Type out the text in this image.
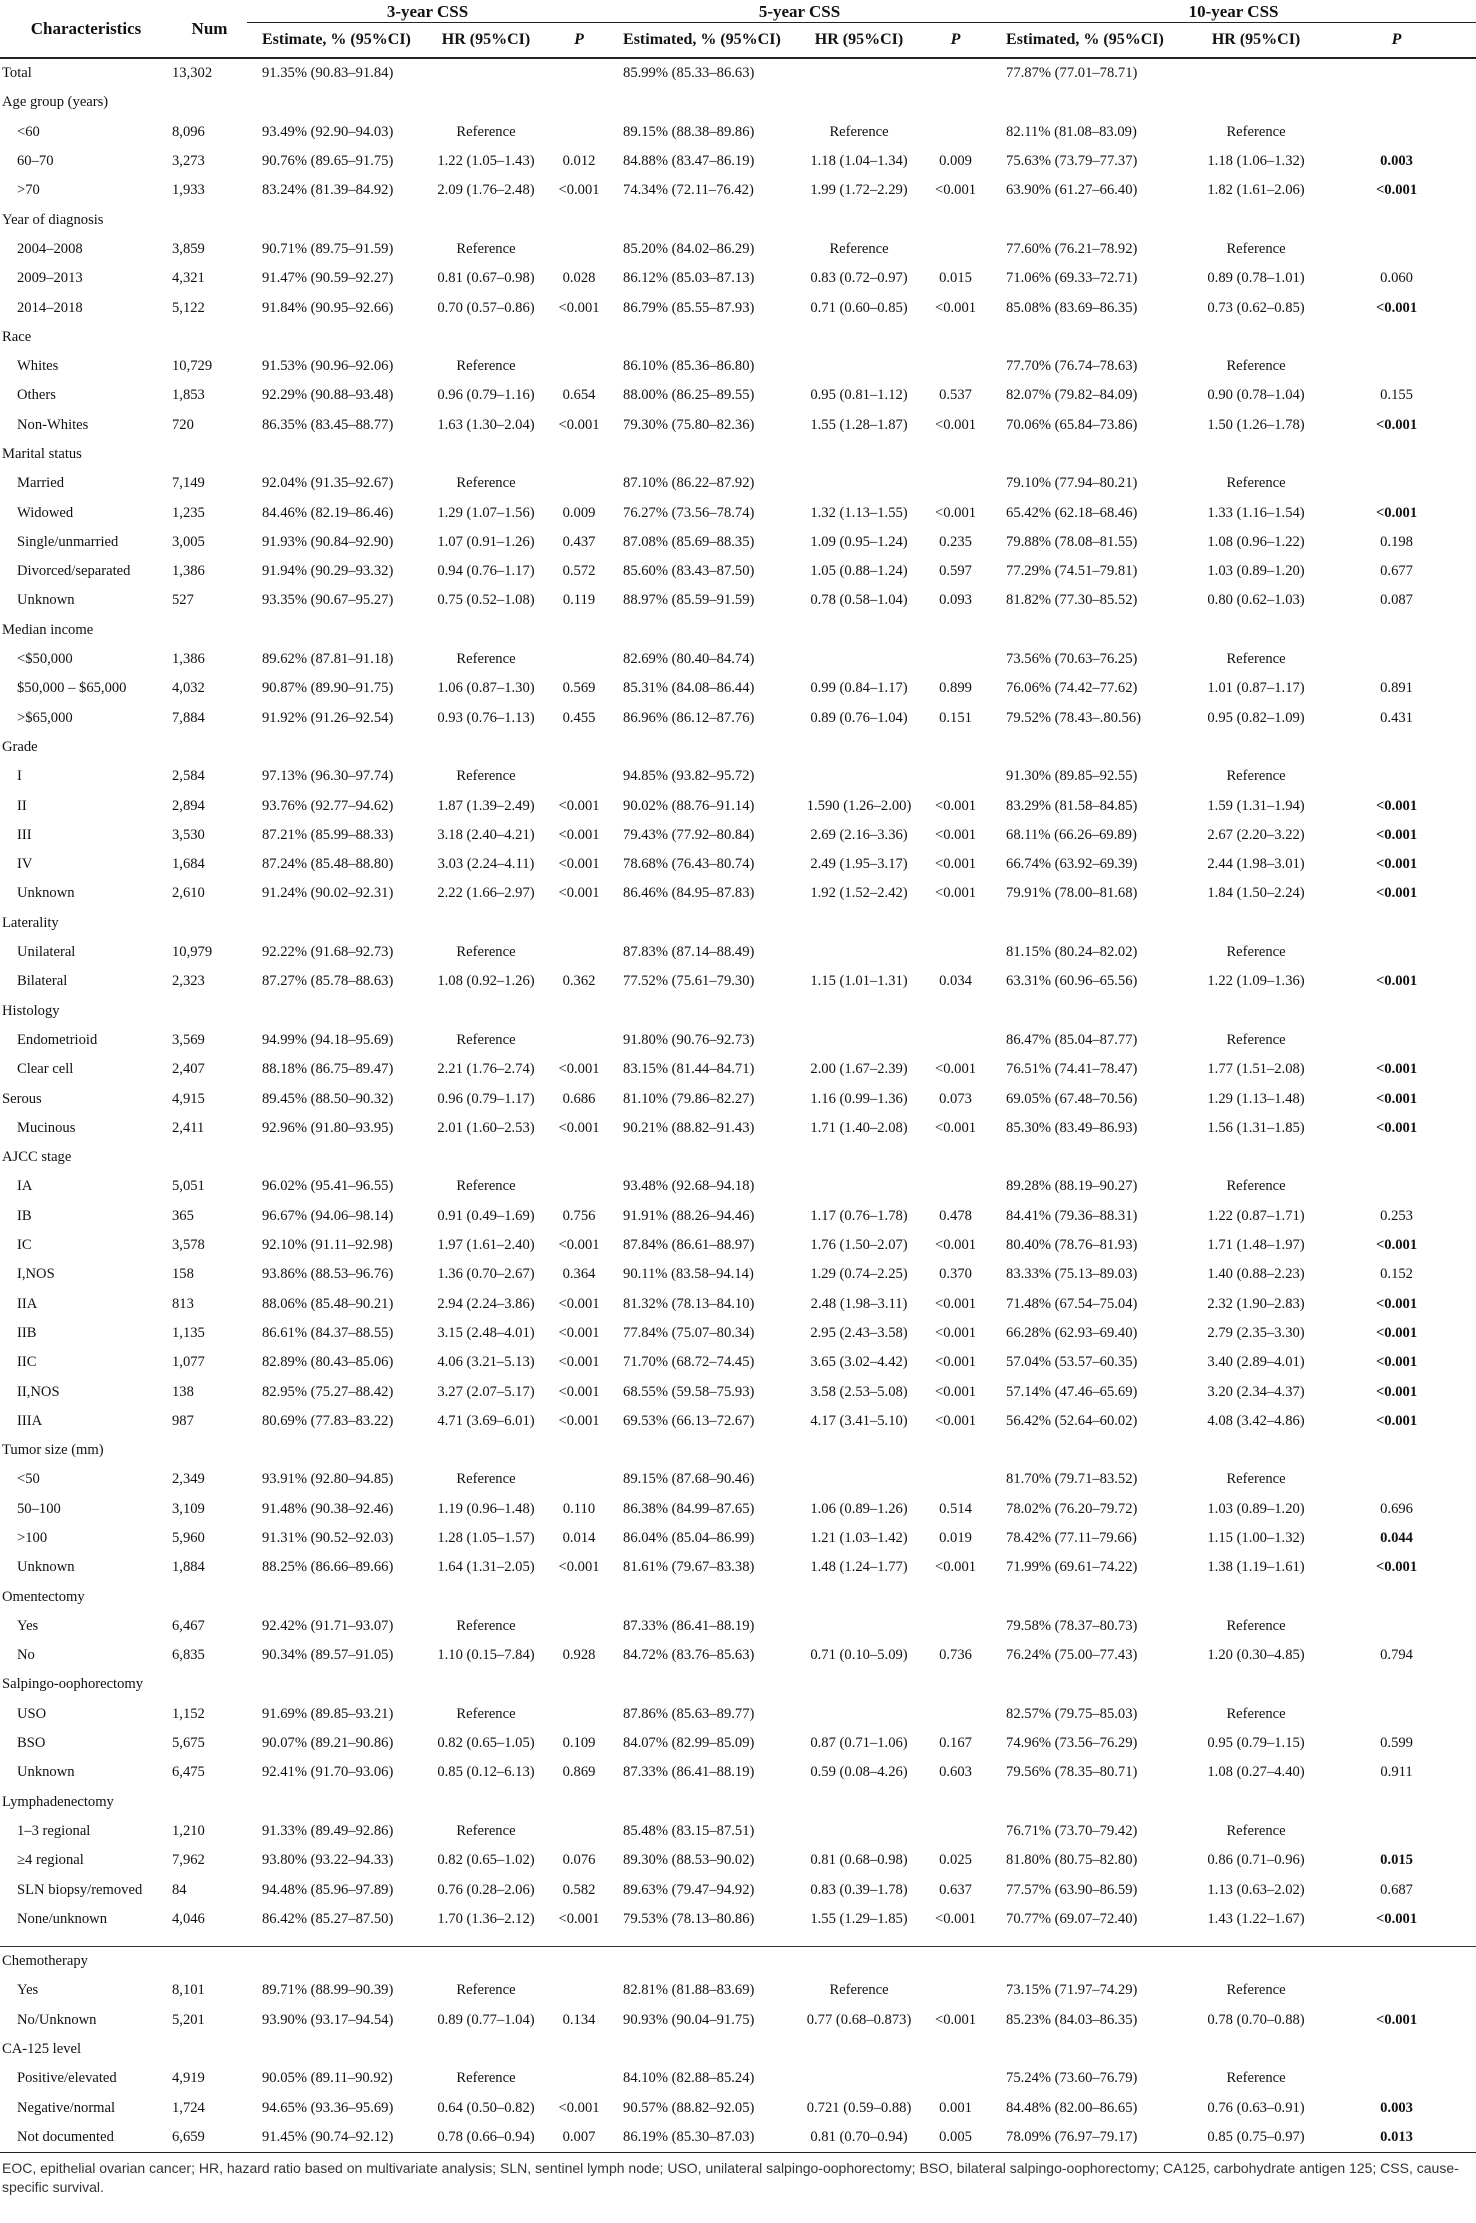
Characteristics	Num	3-year CSS			5-year CSS			10-year CSS		
		Estimate, % (95%CI)	HR (95%CI)	P	Estimated, % (95%CI)	HR (95%CI)	P	Estimated, % (95%CI)	HR (95%CI)	P
Total	13,302	91.35% (90.83–91.84)			85.99% (85.33–86.63)			77.87% (77.01–78.71)		
Age group (years)										
<60	8,096	93.49% (92.90–94.03)	Reference		89.15% (88.38–89.86)	Reference		82.11% (81.08–83.09)	Reference	
60–70	3,273	90.76% (89.65–91.75)	1.22 (1.05–1.43)	0.012	84.88% (83.47–86.19)	1.18 (1.04–1.34)	0.009	75.63% (73.79–77.37)	1.18 (1.06–1.32)	0.003
>70	1,933	83.24% (81.39–84.92)	2.09 (1.76–2.48)	<0.001	74.34% (72.11–76.42)	1.99 (1.72–2.29)	<0.001	63.90% (61.27–66.40)	1.82 (1.61–2.06)	<0.001
Year of diagnosis										
2004–2008	3,859	90.71% (89.75–91.59)	Reference		85.20% (84.02–86.29)	Reference		77.60% (76.21–78.92)	Reference	
2009–2013	4,321	91.47% (90.59–92.27)	0.81 (0.67–0.98)	0.028	86.12% (85.03–87.13)	0.83 (0.72–0.97)	0.015	71.06% (69.33–72.71)	0.89 (0.78–1.01)	0.060
2014–2018	5,122	91.84% (90.95–92.66)	0.70 (0.57–0.86)	<0.001	86.79% (85.55–87.93)	0.71 (0.60–0.85)	<0.001	85.08% (83.69–86.35)	0.73 (0.62–0.85)	<0.001
Race										
Whites	10,729	91.53% (90.96–92.06)	Reference		86.10% (85.36–86.80)			77.70% (76.74–78.63)	Reference	
Others	1,853	92.29% (90.88–93.48)	0.96 (0.79–1.16)	0.654	88.00% (86.25–89.55)	0.95 (0.81–1.12)	0.537	82.07% (79.82–84.09)	0.90 (0.78–1.04)	0.155
Non-Whites	720	86.35% (83.45–88.77)	1.63 (1.30–2.04)	<0.001	79.30% (75.80–82.36)	1.55 (1.28–1.87)	<0.001	70.06% (65.84–73.86)	1.50 (1.26–1.78)	<0.001
Marital status										
Married	7,149	92.04% (91.35–92.67)	Reference		87.10% (86.22–87.92)			79.10% (77.94–80.21)	Reference	
Widowed	1,235	84.46% (82.19–86.46)	1.29 (1.07–1.56)	0.009	76.27% (73.56–78.74)	1.32 (1.13–1.55)	<0.001	65.42% (62.18–68.46)	1.33 (1.16–1.54)	<0.001
Single/unmarried	3,005	91.93% (90.84–92.90)	1.07 (0.91–1.26)	0.437	87.08% (85.69–88.35)	1.09 (0.95–1.24)	0.235	79.88% (78.08–81.55)	1.08 (0.96–1.22)	0.198
Divorced/separated	1,386	91.94% (90.29–93.32)	0.94 (0.76–1.17)	0.572	85.60% (83.43–87.50)	1.05 (0.88–1.24)	0.597	77.29% (74.51–79.81)	1.03 (0.89–1.20)	0.677
Unknown	527	93.35% (90.67–95.27)	0.75 (0.52–1.08)	0.119	88.97% (85.59–91.59)	0.78 (0.58–1.04)	0.093	81.82% (77.30–85.52)	0.80 (0.62–1.03)	0.087
Median income										
<$50,000	1,386	89.62% (87.81–91.18)	Reference		82.69% (80.40–84.74)			73.56% (70.63–76.25)	Reference	
$50,000 – $65,000	4,032	90.87% (89.90–91.75)	1.06 (0.87–1.30)	0.569	85.31% (84.08–86.44)	0.99 (0.84–1.17)	0.899	76.06% (74.42–77.62)	1.01 (0.87–1.17)	0.891
>$65,000	7,884	91.92% (91.26–92.54)	0.93 (0.76–1.13)	0.455	86.96% (86.12–87.76)	0.89 (0.76–1.04)	0.151	79.52% (78.43–.80.56)	0.95 (0.82–1.09)	0.431
Grade										
I	2,584	97.13% (96.30–97.74)	Reference		94.85% (93.82–95.72)			91.30% (89.85–92.55)	Reference	
II	2,894	93.76% (92.77–94.62)	1.87 (1.39–2.49)	<0.001	90.02% (88.76–91.14)	1.590 (1.26–2.00)	<0.001	83.29% (81.58–84.85)	1.59 (1.31–1.94)	<0.001
III	3,530	87.21% (85.99–88.33)	3.18 (2.40–4.21)	<0.001	79.43% (77.92–80.84)	2.69 (2.16–3.36)	<0.001	68.11% (66.26–69.89)	2.67 (2.20–3.22)	<0.001
IV	1,684	87.24% (85.48–88.80)	3.03 (2.24–4.11)	<0.001	78.68% (76.43–80.74)	2.49 (1.95–3.17)	<0.001	66.74% (63.92–69.39)	2.44 (1.98–3.01)	<0.001
Unknown	2,610	91.24% (90.02–92.31)	2.22 (1.66–2.97)	<0.001	86.46% (84.95–87.83)	1.92 (1.52–2.42)	<0.001	79.91% (78.00–81.68)	1.84 (1.50–2.24)	<0.001
Laterality										
Unilateral	10,979	92.22% (91.68–92.73)	Reference		87.83% (87.14–88.49)			81.15% (80.24–82.02)	Reference	
Bilateral	2,323	87.27% (85.78–88.63)	1.08 (0.92–1.26)	0.362	77.52% (75.61–79.30)	1.15 (1.01–1.31)	0.034	63.31% (60.96–65.56)	1.22 (1.09–1.36)	<0.001
Histology										
Endometrioid	3,569	94.99% (94.18–95.69)	Reference		91.80% (90.76–92.73)			86.47% (85.04–87.77)	Reference	
Clear cell	2,407	88.18% (86.75–89.47)	2.21 (1.76–2.74)	<0.001	83.15% (81.44–84.71)	2.00 (1.67–2.39)	<0.001	76.51% (74.41–78.47)	1.77 (1.51–2.08)	<0.001
Serous	4,915	89.45% (88.50–90.32)	0.96 (0.79–1.17)	0.686	81.10% (79.86–82.27)	1.16 (0.99–1.36)	0.073	69.05% (67.48–70.56)	1.29 (1.13–1.48)	<0.001
Mucinous	2,411	92.96% (91.80–93.95)	2.01 (1.60–2.53)	<0.001	90.21% (88.82–91.43)	1.71 (1.40–2.08)	<0.001	85.30% (83.49–86.93)	1.56 (1.31–1.85)	<0.001
AJCC stage										
IA	5,051	96.02% (95.41–96.55)	Reference		93.48% (92.68–94.18)			89.28% (88.19–90.27)	Reference	
IB	365	96.67% (94.06–98.14)	0.91 (0.49–1.69)	0.756	91.91% (88.26–94.46)	1.17 (0.76–1.78)	0.478	84.41% (79.36–88.31)	1.22 (0.87–1.71)	0.253
IC	3,578	92.10% (91.11–92.98)	1.97 (1.61–2.40)	<0.001	87.84% (86.61–88.97)	1.76 (1.50–2.07)	<0.001	80.40% (78.76–81.93)	1.71 (1.48–1.97)	<0.001
I,NOS	158	93.86% (88.53–96.76)	1.36 (0.70–2.67)	0.364	90.11% (83.58–94.14)	1.29 (0.74–2.25)	0.370	83.33% (75.13–89.03)	1.40 (0.88–2.23)	0.152
IIA	813	88.06% (85.48–90.21)	2.94 (2.24–3.86)	<0.001	81.32% (78.13–84.10)	2.48 (1.98–3.11)	<0.001	71.48% (67.54–75.04)	2.32 (1.90–2.83)	<0.001
IIB	1,135	86.61% (84.37–88.55)	3.15 (2.48–4.01)	<0.001	77.84% (75.07–80.34)	2.95 (2.43–3.58)	<0.001	66.28% (62.93–69.40)	2.79 (2.35–3.30)	<0.001
IIC	1,077	82.89% (80.43–85.06)	4.06 (3.21–5.13)	<0.001	71.70% (68.72–74.45)	3.65 (3.02–4.42)	<0.001	57.04% (53.57–60.35)	3.40 (2.89–4.01)	<0.001
II,NOS	138	82.95% (75.27–88.42)	3.27 (2.07–5.17)	<0.001	68.55% (59.58–75.93)	3.58 (2.53–5.08)	<0.001	57.14% (47.46–65.69)	3.20 (2.34–4.37)	<0.001
IIIA	987	80.69% (77.83–83.22)	4.71 (3.69–6.01)	<0.001	69.53% (66.13–72.67)	4.17 (3.41–5.10)	<0.001	56.42% (52.64–60.02)	4.08 (3.42–4.86)	<0.001
Tumor size (mm)										
<50	2,349	93.91% (92.80–94.85)	Reference		89.15% (87.68–90.46)			81.70% (79.71–83.52)	Reference	
50–100	3,109	91.48% (90.38–92.46)	1.19 (0.96–1.48)	0.110	86.38% (84.99–87.65)	1.06 (0.89–1.26)	0.514	78.02% (76.20–79.72)	1.03 (0.89–1.20)	0.696
>100	5,960	91.31% (90.52–92.03)	1.28 (1.05–1.57)	0.014	86.04% (85.04–86.99)	1.21 (1.03–1.42)	0.019	78.42% (77.11–79.66)	1.15 (1.00–1.32)	0.044
Unknown	1,884	88.25% (86.66–89.66)	1.64 (1.31–2.05)	<0.001	81.61% (79.67–83.38)	1.48 (1.24–1.77)	<0.001	71.99% (69.61–74.22)	1.38 (1.19–1.61)	<0.001
Omentectomy										
Yes	6,467	92.42% (91.71–93.07)	Reference		87.33% (86.41–88.19)			79.58% (78.37–80.73)	Reference	
No	6,835	90.34% (89.57–91.05)	1.10 (0.15–7.84)	0.928	84.72% (83.76–85.63)	0.71 (0.10–5.09)	0.736	76.24% (75.00–77.43)	1.20 (0.30–4.85)	0.794
Salpingo-oophorectomy										
USO	1,152	91.69% (89.85–93.21)	Reference		87.86% (85.63–89.77)			82.57% (79.75–85.03)	Reference	
BSO	5,675	90.07% (89.21–90.86)	0.82 (0.65–1.05)	0.109	84.07% (82.99–85.09)	0.87 (0.71–1.06)	0.167	74.96% (73.56–76.29)	0.95 (0.79–1.15)	0.599
Unknown	6,475	92.41% (91.70–93.06)	0.85 (0.12–6.13)	0.869	87.33% (86.41–88.19)	0.59 (0.08–4.26)	0.603	79.56% (78.35–80.71)	1.08 (0.27–4.40)	0.911
Lymphadenectomy										
1–3 regional	1,210	91.33% (89.49–92.86)	Reference		85.48% (83.15–87.51)			76.71% (73.70–79.42)	Reference	
≥4 regional	7,962	93.80% (93.22–94.33)	0.82 (0.65–1.02)	0.076	89.30% (88.53–90.02)	0.81 (0.68–0.98)	0.025	81.80% (80.75–82.80)	0.86 (0.71–0.96)	0.015
SLN biopsy/removed	84	94.48% (85.96–97.89)	0.76 (0.28–2.06)	0.582	89.63% (79.47–94.92)	0.83 (0.39–1.78)	0.637	77.57% (63.90–86.59)	1.13 (0.63–2.02)	0.687
None/unknown	4,046	86.42% (85.27–87.50)	1.70 (1.36–2.12)	<0.001	79.53% (78.13–80.86)	1.55 (1.29–1.85)	<0.001	70.77% (69.07–72.40)	1.43 (1.22–1.67)	<0.001

Chemotherapy										
Yes	8,101	89.71% (88.99–90.39)	Reference		82.81% (81.88–83.69)	Reference		73.15% (71.97–74.29)	Reference	
No/Unknown	5,201	93.90% (93.17–94.54)	0.89 (0.77–1.04)	0.134	90.93% (90.04–91.75)	0.77 (0.68–0.873)	<0.001	85.23% (84.03–86.35)	0.78 (0.70–0.88)	<0.001
CA-125 level										
Positive/elevated	4,919	90.05% (89.11–90.92)	Reference		84.10% (82.88–85.24)			75.24% (73.60–76.79)	Reference	
Negative/normal	1,724	94.65% (93.36–95.69)	0.64 (0.50–0.82)	<0.001	90.57% (88.82–92.05)	0.721 (0.59–0.88)	0.001	84.48% (82.00–86.65)	0.76 (0.63–0.91)	0.003
Not documented	6,659	91.45% (90.74–92.12)	0.78 (0.66–0.94)	0.007	86.19% (85.30–87.03)	0.81 (0.70–0.94)	0.005	78.09% (76.97–79.17)	0.85 (0.75–0.97)	0.013
EOC, epithelial ovarian cancer; HR, hazard ratio based on multivariate analysis; SLN, sentinel lymph node; USO, unilateral salpingo-oophorectomy; BSO, bilateral salpingo-oophorectomy; CA125, carbohydrate antigen 125; CSS, cause-specific survival.
